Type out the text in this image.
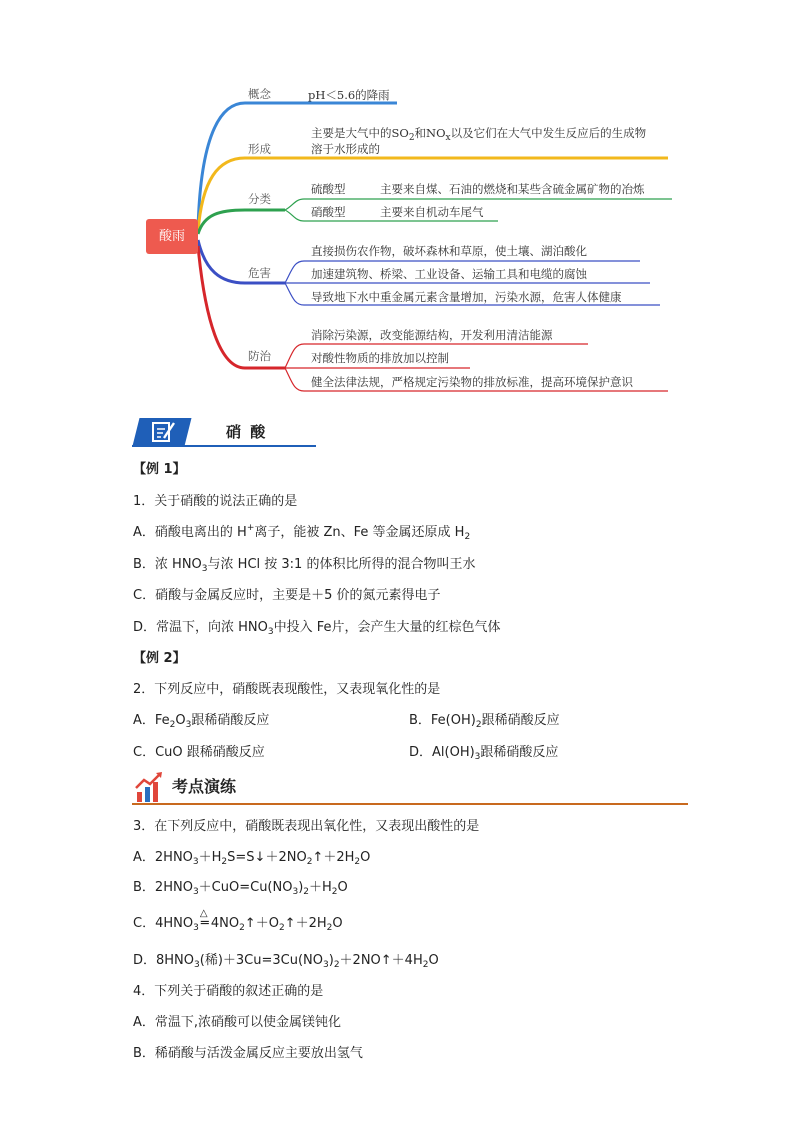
酸雨
概念	pH＜5.6的降雨
形成
主要是大气中的$SO_2$和$NO_x$以及它们在大气中发生反应后的生成物
溶于水形成的
分类
硫酸型	主要来自煤、石油的燃烧和某些含硫金属矿物的冶炼
硝酸型	主要来自机动车尾气
危害
直接损伤农作物，破坏森林和草原，使土壤、湖泊酸化
加速建筑物、桥梁、工业设备、运输工具和电缆的腐蚀
导致地下水中重金属元素含量增加，污染水源，危害人体健康
防治
消除污染源，改变能源结构，开发利用清洁能源
对酸性物质的排放加以控制
健全法律法规，严格规定污染物的排放标准，提高环境保护意识
硝 酸
【例 1】
1．关于硝酸的说法正确的是
A．硝酸电离出的 H+离子，能被 Zn、Fe 等金属还原成 $H_2$
B．浓 $HNO_3$与浓 HCl 按 3:1 的体积比所得的混合物叫王水
C．硝酸与金属反应时，主要是＋5 价的氮元素得电子
D．常温下，向浓 $HNO_3$中投入 Fe片，会产生大量的红棕色气体
【例 2】
2．下列反应中，硝酸既表现酸性，又表现氧化性的是
A．$Fe_2O_3$跟稀硝酸反应	B．$Fe(OH)_2$跟稀硝酸反应
C．CuO 跟稀硝酸反应	D．$Al(OH)_3$跟稀硝酸反应
考点演练
3．在下列反应中，硝酸既表现出氧化性，又表现出酸性的是
A．$2HNO_3+H_2S=S↓+2NO_2↑+2H_2O$
B．$2HNO_3+CuO=Cu(NO_3)_2+H_2O$
C．$4HNO_3$
△
═ $4NO_2↑+O_2↑+2H_2O$
D．$8HNO_3$(稀)$+3Cu=3Cu(NO_3)_2+2NO↑+4H_2O$
4．下列关于硝酸的叙述正确的是
A．常温下,浓硝酸可以使金属镁钝化
B．稀硝酸与活泼金属反应主要放出氢气
